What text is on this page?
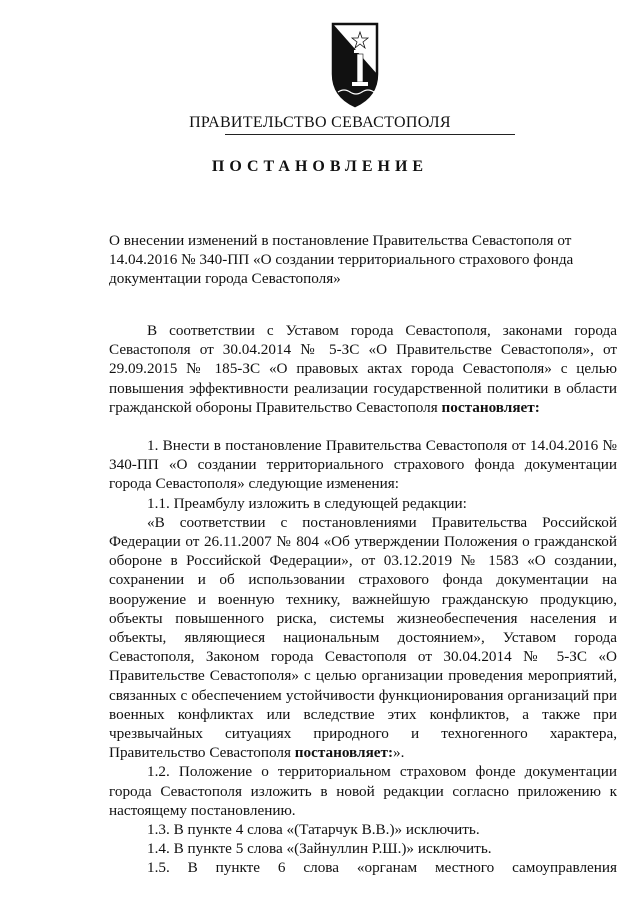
ПРАВИТЕЛЬСТВО СЕВАСТОПОЛЯ
ПОСТАНОВЛЕНИЕ
О внесении изменений в постановление Правительства Севастополя от 14.04.2016 № 340-ПП «О создании территориального страхового фонда документации города Севастополя»
В соответствии с Уставом города Севастополя, законами города Севастополя от 30.04.2014 № 5-ЗС «О Правительстве Севастополя», от 29.09.2015 № 185-ЗС «О правовых актах города Севастополя» с целью повышения эффективности реализации государственной политики в области гражданской обороны Правительство Севастополя постановляет:

1. Внести в постановление Правительства Севастополя от 14.04.2016 № 340-ПП «О создании территориального страхового фонда документации города Севастополя» следующие изменения:

1.1. Преамбулу изложить в следующей редакции:

«В соответствии с постановлениями Правительства Российской Федерации от 26.11.2007 № 804 «Об утверждении Положения о гражданской обороне в Российской Федерации», от 03.12.2019 № 1583 «О создании, сохранении и об использовании страхового фонда документации на вооружение и военную технику, важнейшую гражданскую продукцию, объекты повышенного риска, системы жизнеобеспечения населения и объекты, являющиеся национальным достоянием», Уставом города Севастополя, Законом города Севастополя от 30.04.2014 № 5-ЗС «О Правительстве Севастополя» с целью организации проведения мероприятий, связанных с обеспечением устойчивости функционирования организаций при военных конфликтах или вследствие этих конфликтов, а также при чрезвычайных ситуациях природного и техногенного характера, Правительство Севастополя постановляет:».

1.2. Положение о территориальном страховом фонде документации города Севастополя изложить в новой редакции согласно приложению к настоящему постановлению.

1.3. В пункте 4 слова «(Татарчук В.В.)» исключить.

1.4. В пункте 5 слова «(Зайнуллин Р.Ш.)» исключить.

1.5. В пункте 6 слова «органам местного самоуправления
